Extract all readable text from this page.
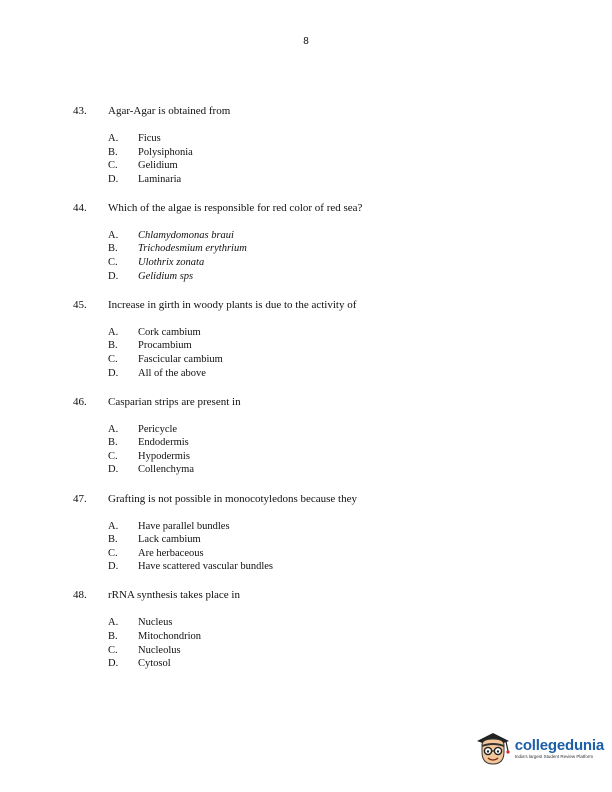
8
43.	Agar-Agar is obtained from
A.	Ficus
B.	Polysiphonia
C.	Gelidium
D.	Laminaria
44.	Which of the algae is responsible for red color of red sea?
A.	Chlamydomonas braui
B.	Trichodesmium erythrium
C.	Ulothrix zonata
D.	Gelidium sps
45.	Increase in girth in woody plants is due to the activity of
A.	Cork cambium
B.	Procambium
C.	Fascicular cambium
D.	All of the above
46.	Casparian strips are present in
A.	Pericycle
B.	Endodermis
C.	Hypodermis
D.	Collenchyma
47.	Grafting is not possible in monocotyledons because they
A.	Have parallel bundles
B.	Lack cambium
C.	Are herbaceous
D.	Have scattered vascular bundles
48.	rRNA synthesis takes place in
A.	Nucleus
B.	Mitochondrion
C.	Nucleolus
D.	Cytosol
collegedunia
India's largest Student Review Platform
